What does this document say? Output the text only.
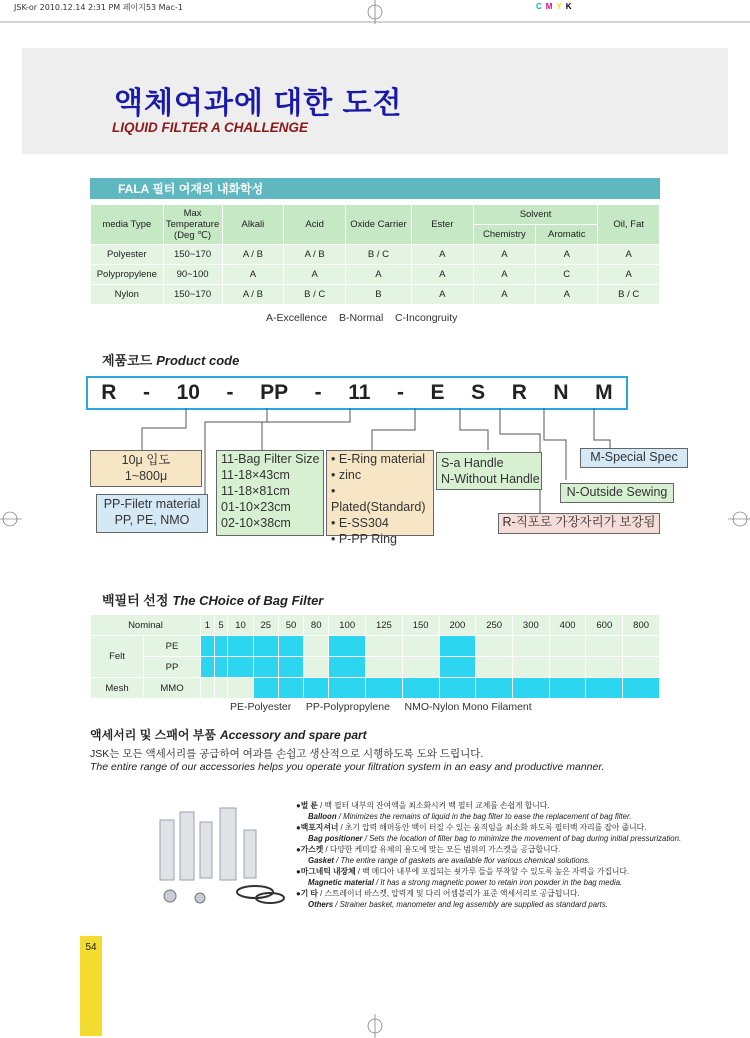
JSK-or 2010.12.14 2:31 PM 페이지53 Mac-1	CMYK
액체여과에 대한 도전
LIQUID FILTER A CHALLENGE
FALA 필터 여재의 내화학성
media Type	Max Temperature (Deg ℃)	Alkali	Acid	Oxide Carrier	Ester	Solvent		Oil, Fat
						Chemistry	Aromatic	
Polyester	150~170	A / B	A / B	B / C	A	A	A	A
Polypropylene	90~100	A	A	A	A	A	C	A
Nylon	150~170	A / B	B / C	B	A	A	A	B / C
A-Excellence    B-Normal    C-Incongruity
제품코드 Product code
R - 10 - PP - 11 - E S R N M
10μ 입도
1~800μ
PP-Filetr material
PP, PE, NMO
11-Bag Filter Size
11-18×43cm
11-18×81cm
01-10×23cm
02-10×38cm
• E-Ring material
• zinc
• Plated(Standard)
• E-SS304
• P-PP Ring
S-a Handle
N-Without Handle
M-Special Spec
N-Outside Sewing
R-직포로 가장자리가 보강됨
백필터 선정 The CHoice of Bag Filter
Nominal		1	5	10	25	50	80	100	125	150	200	250	300	400	600	800
Felt	PE															
	PP															
Mesh	MMO															
PE-Polyester     PP-Polypropylene     NMO-Nylon Mono Filament
액세서리 및 스패어 부품 Accessory and spare part
JSK는 모든 액세서리를 공급하여 여과를 손쉽고 생산적으로 시행하도록 도와 드립니다.
The entire range of our accessories helps you operate your filtration system in an easy and productive manner.
●벌 룬 / 백 필터 내부의 잔여액을 최소화시켜 백 필터 교체를 손쉽게 합니다.
Balloon / Minimizes the remains of liquid in the bag filter to ease the replacement of bag filter.
●백포지셔너 / 초기 압력 해머동안 백이 터질 수 있는 움직임을 최소화 하도록 필터백 자리를 잡아 줍니다.
Bag positioner / Sets the location of filter bag to minimize the movement of bag during initial pressurization.
●가스켓 / 다양한 케미칼 유체의 용도에 맞는 모든 범위의 가스켓을 공급합니다.
Gasket / The entire range of gaskets are available flor various chemical solutions.
●마그네틱 내장체 / 백 메디아 내부에 포집되는 쇳가루 들을 부착할 수 있도록 높은 자력을 가집니다.
Magnetic material / It has a strong magnetic power to retain iron powder in the bag media.
●기 타 / 스트레이너 바스켓, 압력계 및 다리 어셈블리가 표준 액세서리로 공급됩니다.
Others / Strainer basket, manometer and leg assembly are supplied as standard parts.
54
